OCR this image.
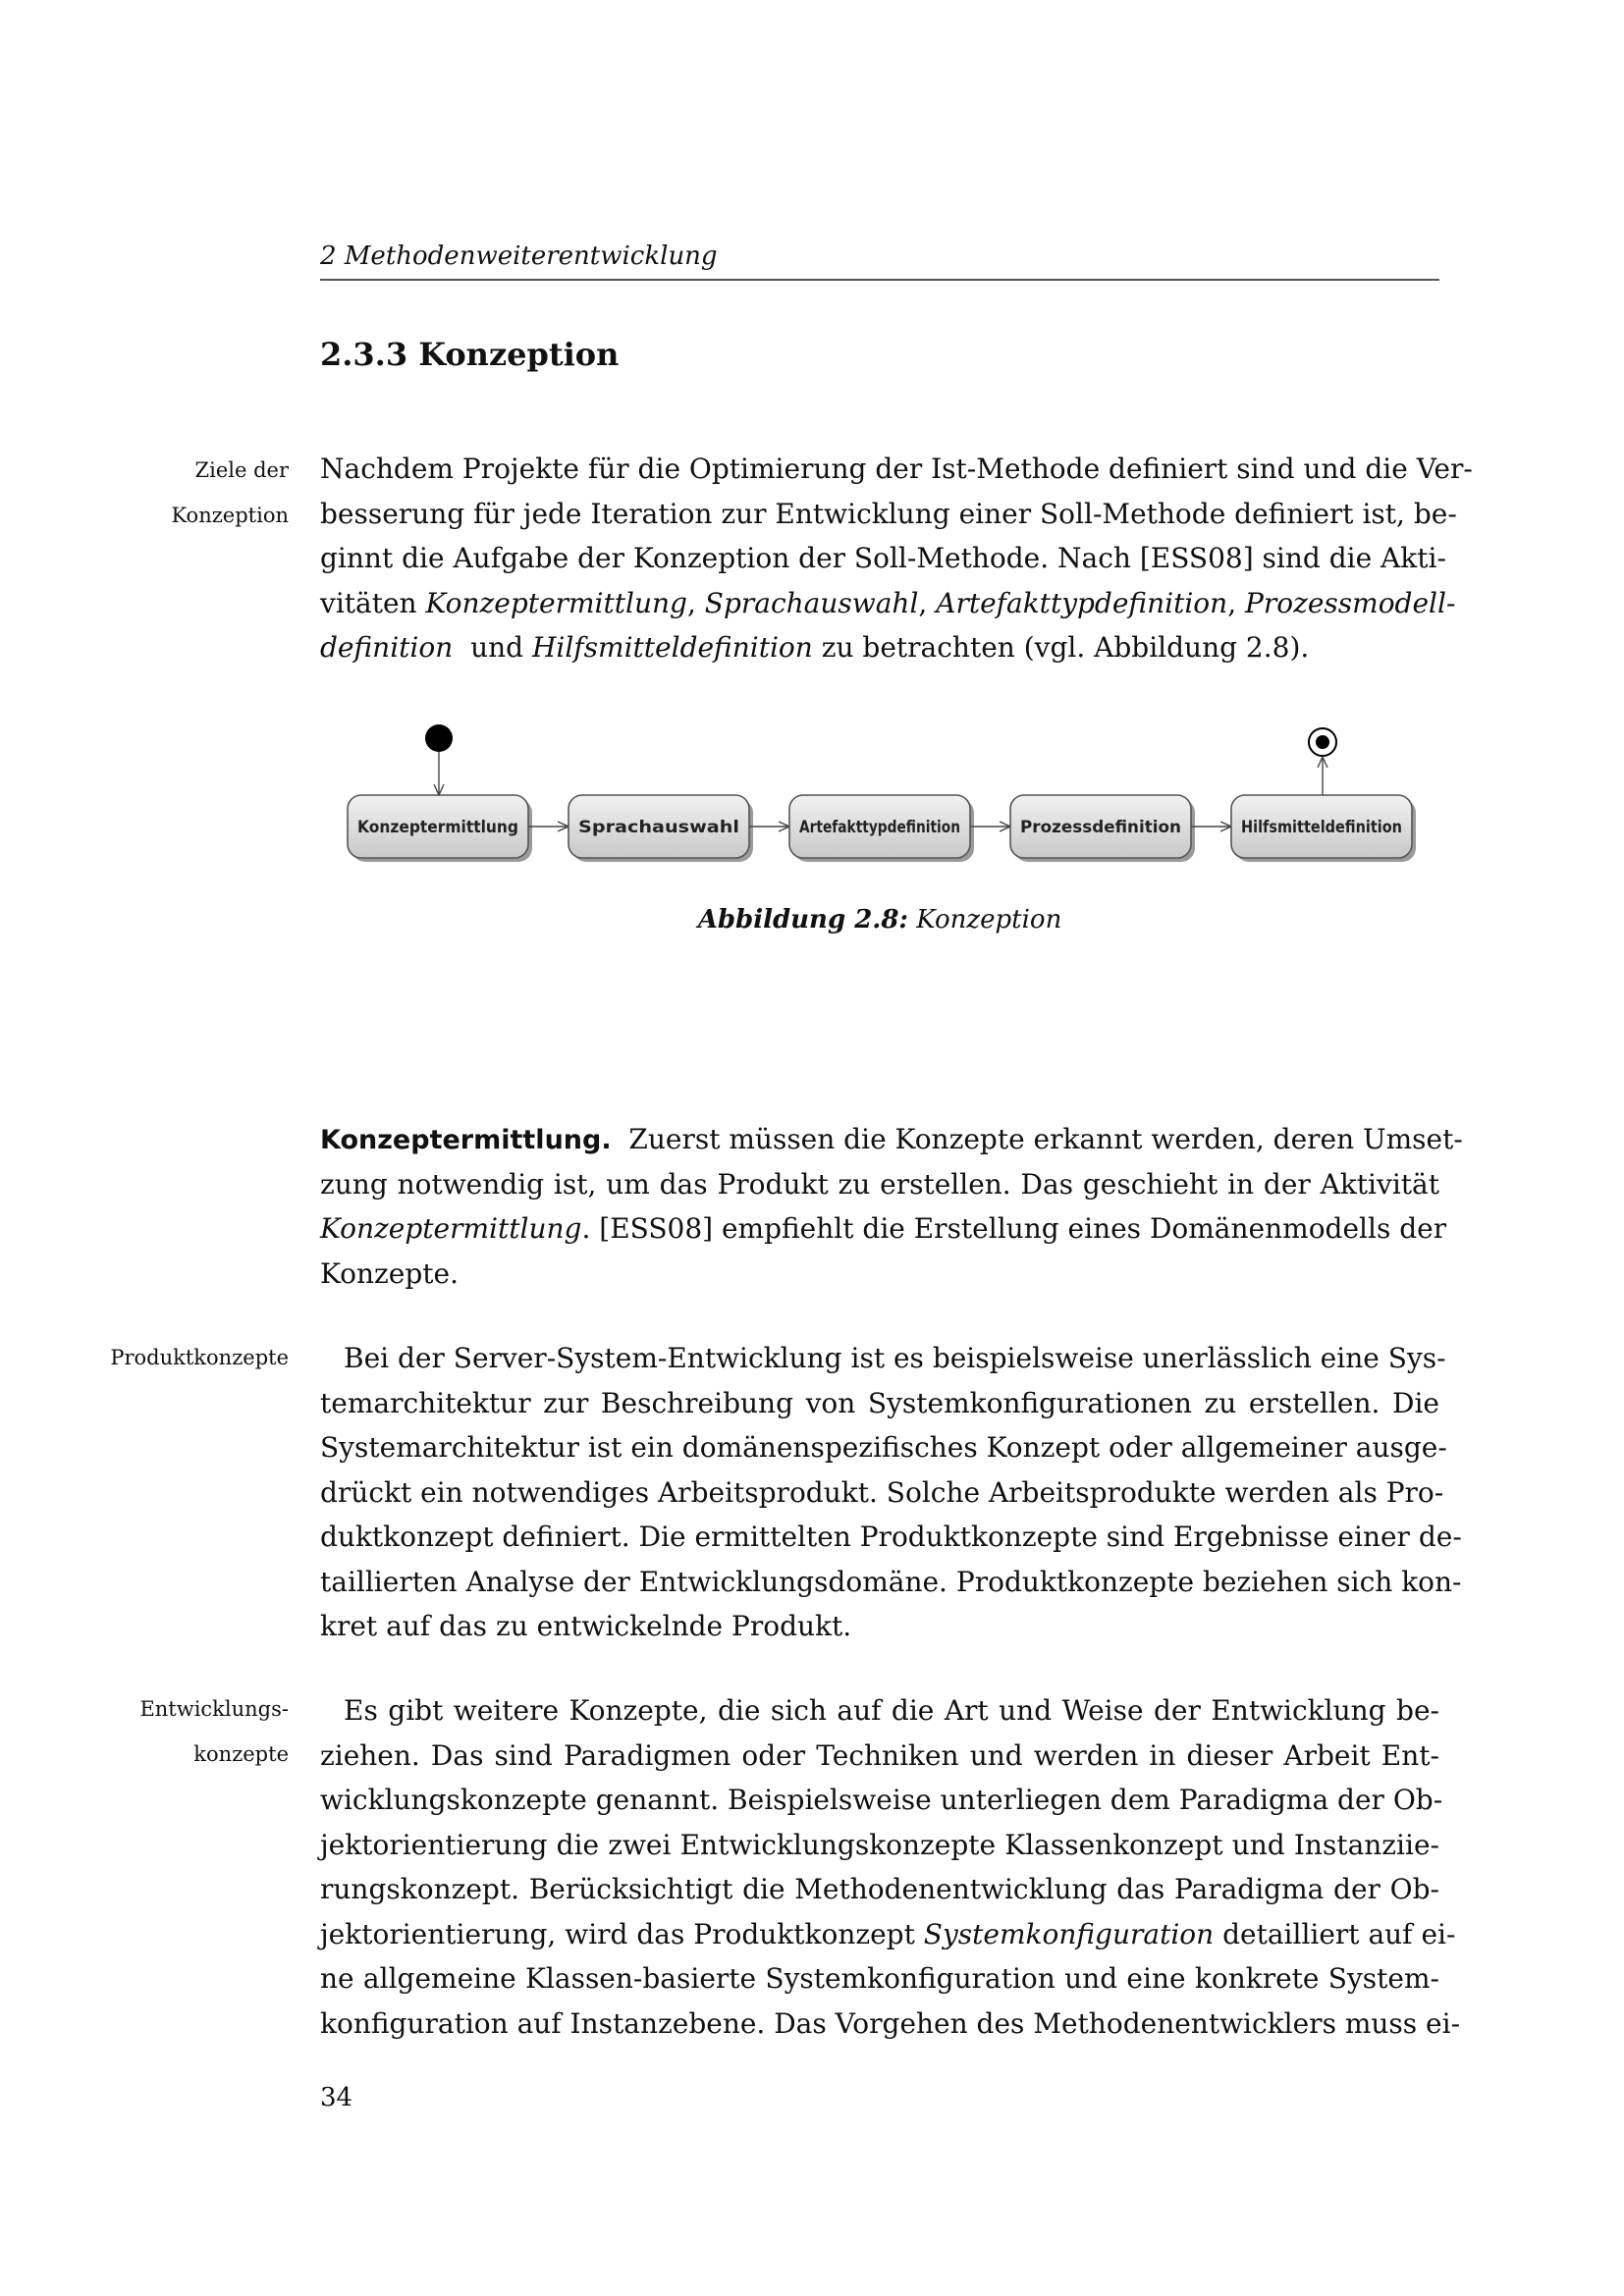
2 Methodenweiterentwicklung
2.3.3 Konzeption
Ziele der
Konzeption
Produktkonzepte
Entwicklungs-
konzepte
Nachdem Projekte für die Optimierung der Ist-Methode definiert sind und die Ver-
besserung für jede Iteration zur Entwicklung einer Soll-Methode definiert ist, be-
ginnt die Aufgabe der Konzeption der Soll-Methode. Nach [ESS08] sind die Akti-
vitäten Konzeptermittlung, Sprachauswahl, Artefakttypdefinition, Prozessmodell-
definition  und Hilfsmitteldefinition zu betrachten (vgl. Abbildung 2.8).
Konzeptermittlung	Sprachauswahl	Artefakttypdefinition	Prozessdefinition	Hilfsmitteldefinition
Abbildung 2.8: Konzeption
Konzeptermittlung.  Zuerst müssen die Konzepte erkannt werden, deren Umset-
zung notwendig ist, um das Produkt zu erstellen. Das geschieht in der Aktivität
Konzeptermittlung. [ESS08] empfiehlt die Erstellung eines Domänenmodells der
Konzepte.
Bei der Server-System-Entwicklung ist es beispielsweise unerlässlich eine Sys-
temarchitektur zur Beschreibung von Systemkonfigurationen zu erstellen. Die
Systemarchitektur ist ein domänenspezifisches Konzept oder allgemeiner ausge-
drückt ein notwendiges Arbeitsprodukt. Solche Arbeitsprodukte werden als Pro-
duktkonzept definiert. Die ermittelten Produktkonzepte sind Ergebnisse einer de-
taillierten Analyse der Entwicklungsdomäne. Produktkonzepte beziehen sich kon-
kret auf das zu entwickelnde Produkt.
Es gibt weitere Konzepte, die sich auf die Art und Weise der Entwicklung be-
ziehen. Das sind Paradigmen oder Techniken und werden in dieser Arbeit Ent-
wicklungskonzepte genannt. Beispielsweise unterliegen dem Paradigma der Ob-
jektorientierung die zwei Entwicklungskonzepte Klassenkonzept und Instanziie-
rungskonzept. Berücksichtigt die Methodenentwicklung das Paradigma der Ob-
jektorientierung, wird das Produktkonzept Systemkonfiguration detailliert auf ei-
ne allgemeine Klassen-basierte Systemkonfiguration und eine konkrete System-
konfiguration auf Instanzebene. Das Vorgehen des Methodenentwicklers muss ei-
34
